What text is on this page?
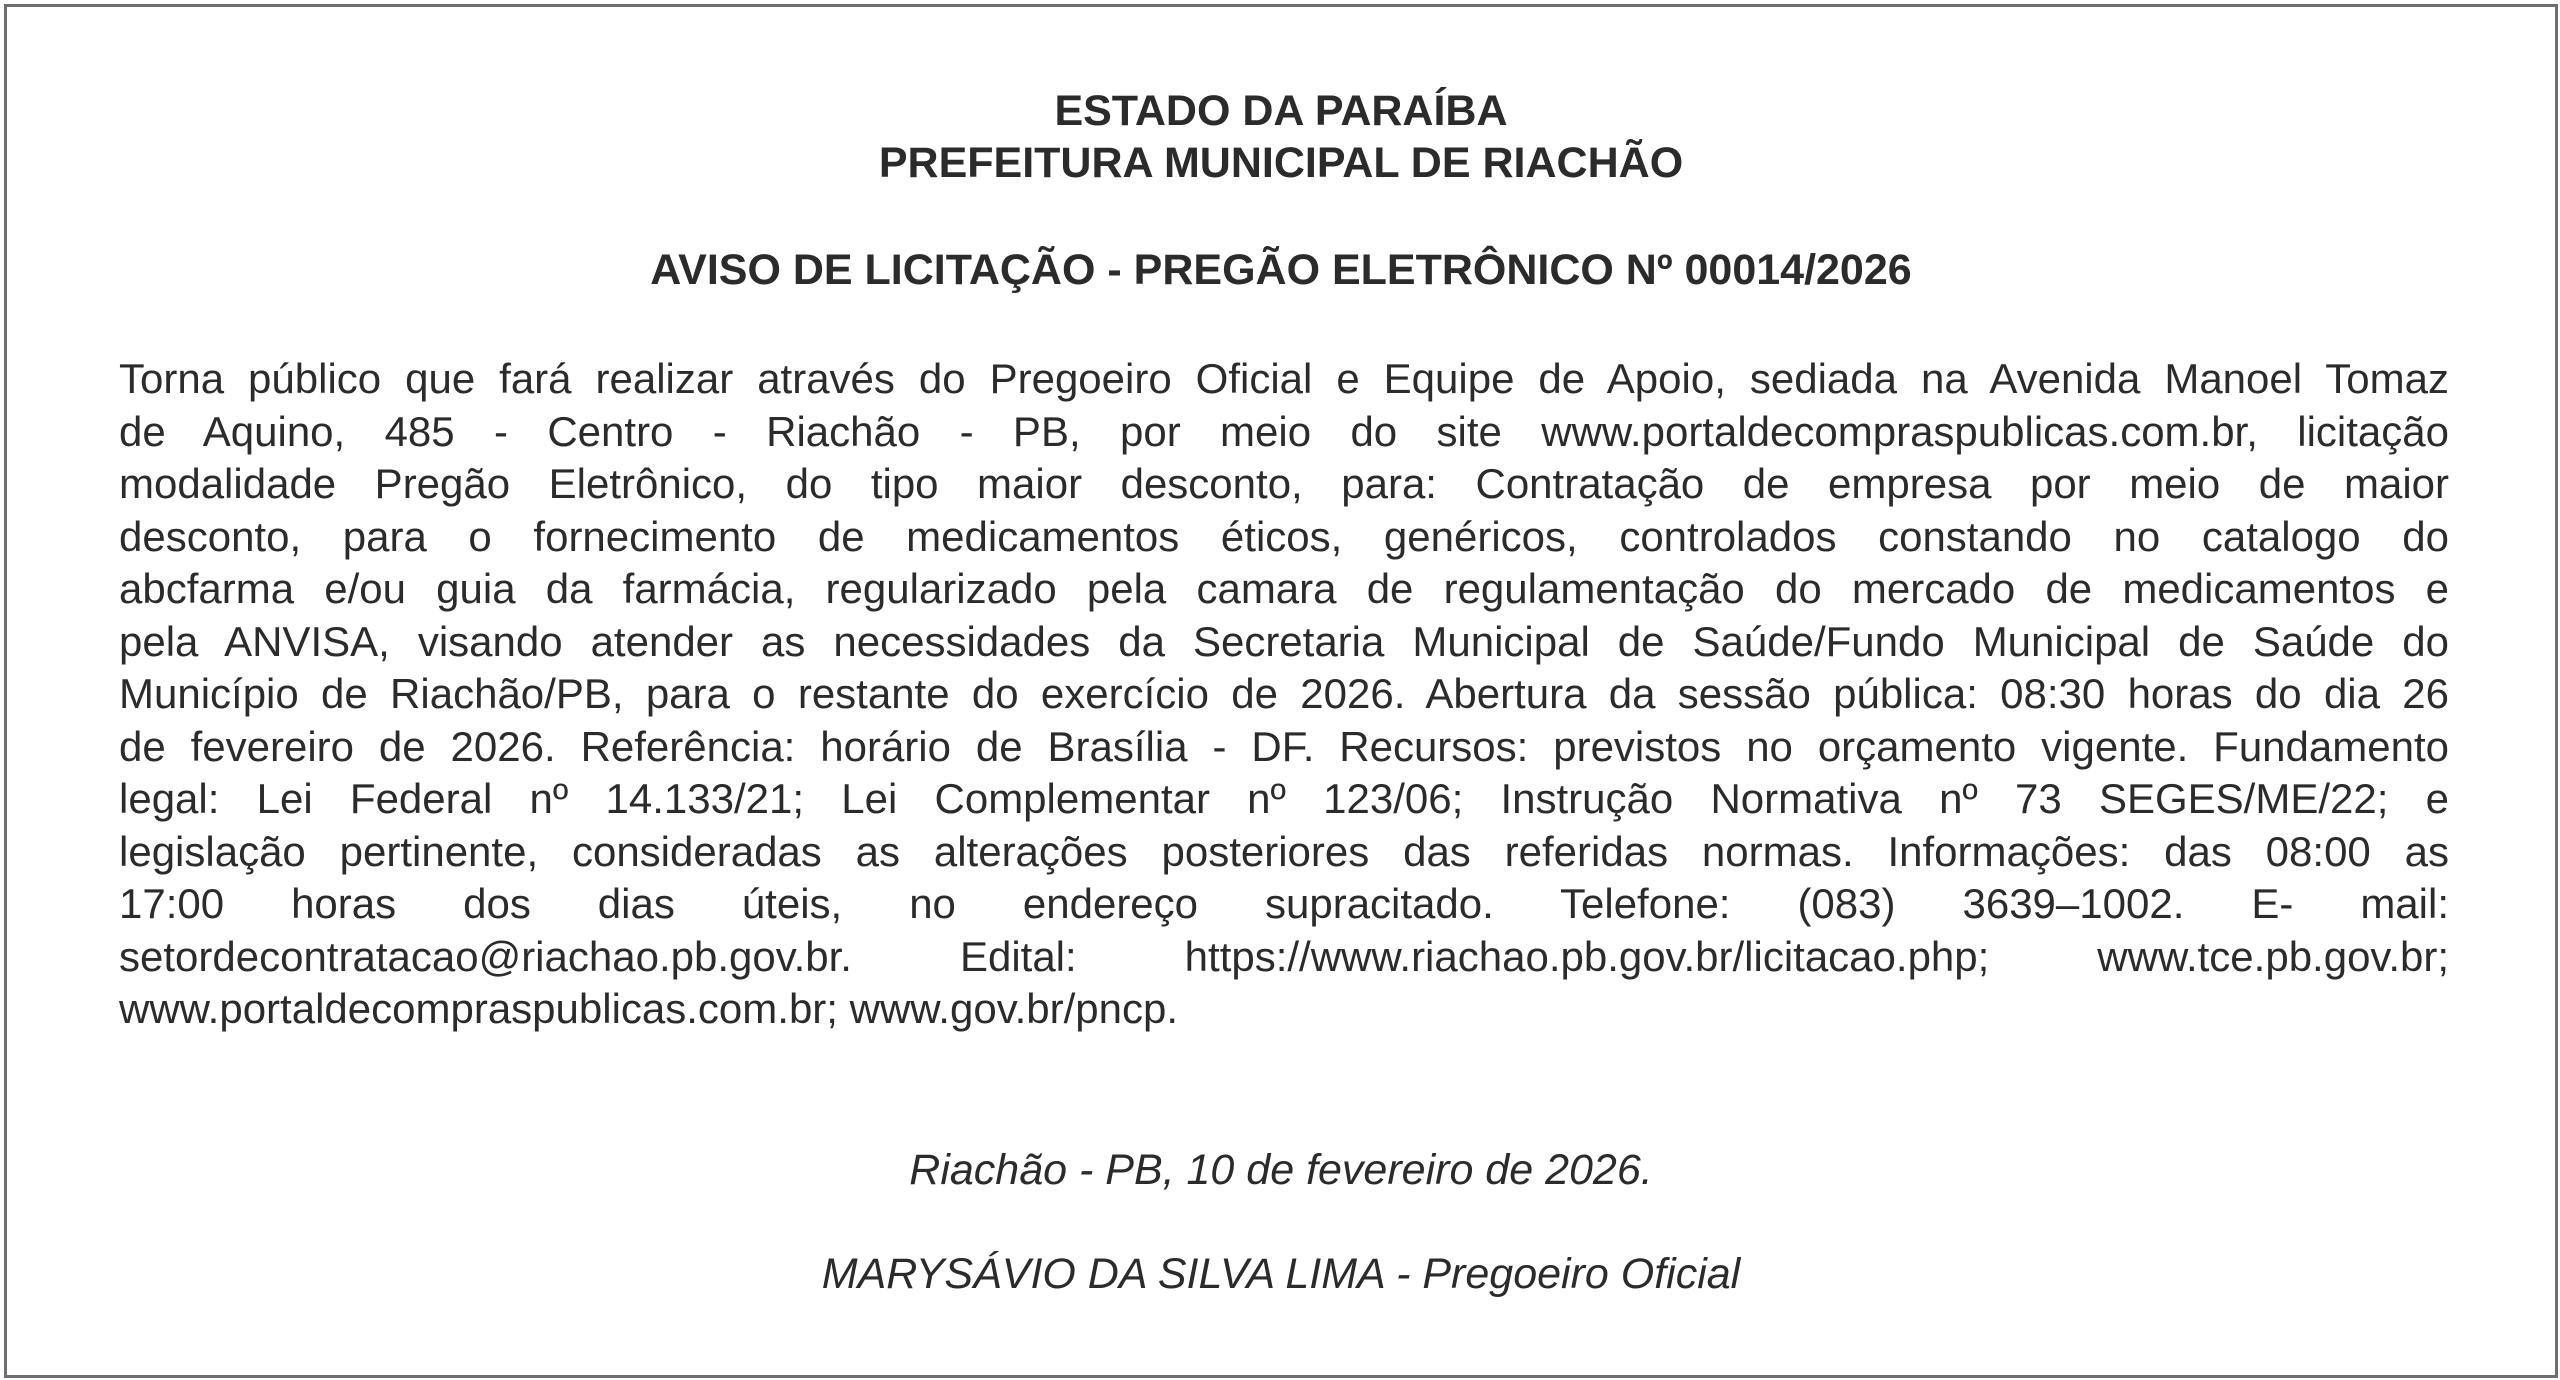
ESTADO DA PARAÍBA
PREFEITURA MUNICIPAL DE RIACHÃO
AVISO DE LICITAÇÃO - PREGÃO ELETRÔNICO Nº 00014/2026
Torna público que fará realizar através do Pregoeiro Oficial e Equipe de Apoio, sediada na Avenida Manoel Tomaz
de Aquino, 485 - Centro - Riachão - PB, por meio do site www.portaldecompraspublicas.com.br, licitação
modalidade Pregão Eletrônico, do tipo maior desconto, para: Contratação de empresa por meio de maior
desconto, para o fornecimento de medicamentos éticos, genéricos, controlados constando no catalogo do
abcfarma e/ou guia da farmácia, regularizado pela camara de regulamentação do mercado de medicamentos e
pela ANVISA, visando atender as necessidades da Secretaria Municipal de Saúde/Fundo Municipal de Saúde do
Município de Riachão/PB, para o restante do exercício de 2026. Abertura da sessão pública: 08:30 horas do dia 26
de fevereiro de 2026. Referência: horário de Brasília - DF. Recursos: previstos no orçamento vigente. Fundamento
legal: Lei Federal nº 14.133/21; Lei Complementar nº 123/06; Instrução Normativa nº 73 SEGES/ME/22; e
legislação pertinente, consideradas as alterações posteriores das referidas normas. Informações: das 08:00 as
17:00 horas dos dias úteis, no endereço supracitado. Telefone: (083) 3639–1002. E- mail:
setordecontratacao@riachao.pb.gov.br. Edital: https://www.riachao.pb.gov.br/licitacao.php; www.tce.pb.gov.br;
www.portaldecompraspublicas.com.br; www.gov.br/pncp.
Riachão - PB, 10 de fevereiro de 2026.
MARYSÁVIO DA SILVA LIMA - Pregoeiro Oficial
